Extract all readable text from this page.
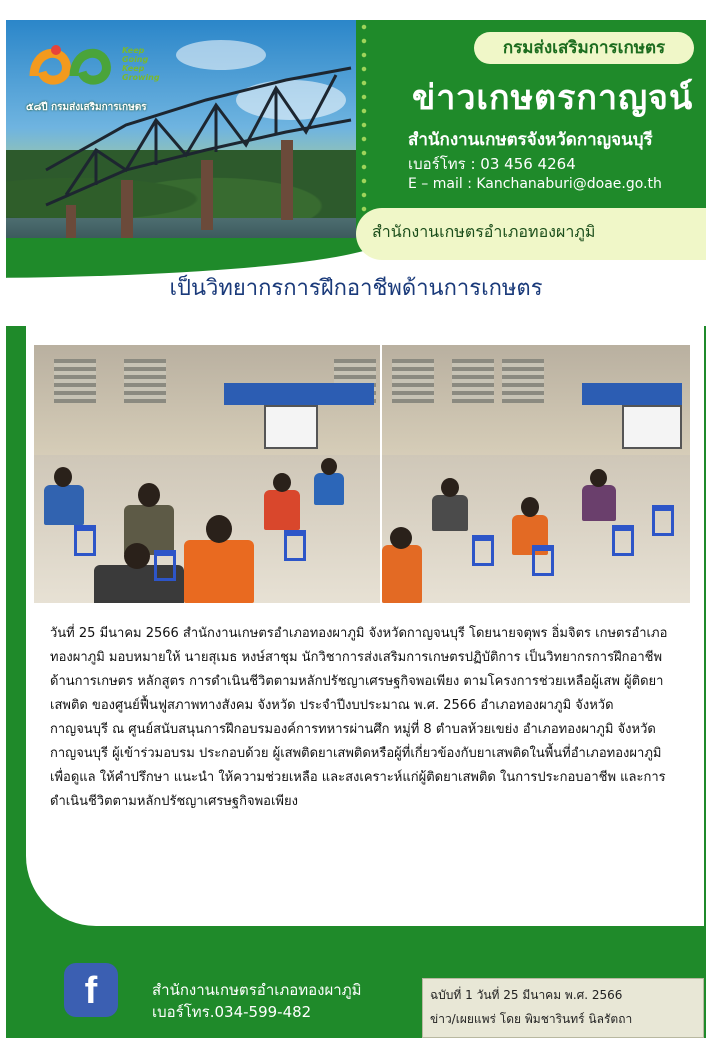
Keep Going Keep Growing
๕๘ปี กรมส่งเสริมการเกษตร
กรมส่งเสริมการเกษตร
ข่าวเกษตรกาญจน์
สำนักงานเกษตรจังหวัดกาญจนบุรี
เบอร์โทร : 03 456 4264
E – mail : Kanchanaburi@doae.go.th
สำนักงานเกษตรอำเภอทองผาภูมิ
เป็นวิทยากรการฝึกอาชีพด้านการเกษตร
f	สำนักงานเกษตรอำเภอทองผาภูมิ
เบอร์โทร.034-599-482
ฉบับที่ 1 วันที่ 25 มีนาคม พ.ศ. 2566
ข่าว/เผยแพร่ โดย พิมชารินทร์ นิลรัตถา

วันที่ 25 มีนาคม 2566 สำนักงานเกษตรอำเภอทองผาภูมิ จังหวัดกาญจนบุรี โดยนายจตุพร อิ่มจิตร เกษตรอำเภอทองผาภูมิ มอบหมายให้ นายสุเมธ หงษ์สาชุม นักวิชาการส่งเสริมการเกษตรปฏิบัติการ เป็นวิทยากรการฝึกอาชีพด้านการเกษตร หลักสูตร การดำเนินชีวิตตามหลักปรัชญาเศรษฐกิจพอเพียง ตามโครงการช่วยเหลือผู้เสพ ผู้ติดยาเสพติด ของศูนย์ฟื้นฟูสภาพทางสังคม จังหวัด ประจำปีงบประมาณ พ.ศ. 2566 อำเภอทองผาภูมิ จังหวัดกาญจนบุรี ณ ศูนย์สนับสนุนการฝึกอบรมองค์การทหารผ่านศึก หมู่ที่ 8 ตำบลห้วยเขย่ง อำเภอทองผาภูมิ จังหวัดกาญจนบุรี ผู้เข้าร่วมอบรม ประกอบด้วย ผู้เสพติดยาเสพติดหรือผู้ที่เกี่ยวข้องกับยาเสพติดในพื้นที่อำเภอทองผาภูมิ เพื่อดูแล ให้คำปรึกษา แนะนำ ให้ความช่วยเหลือ และสงเคราะห์แก่ผู้ติดยาเสพติด ในการประกอบอาชีพ และการดำเนินชีวิตตามหลักปรัชญาเศรษฐกิจพอเพียง
